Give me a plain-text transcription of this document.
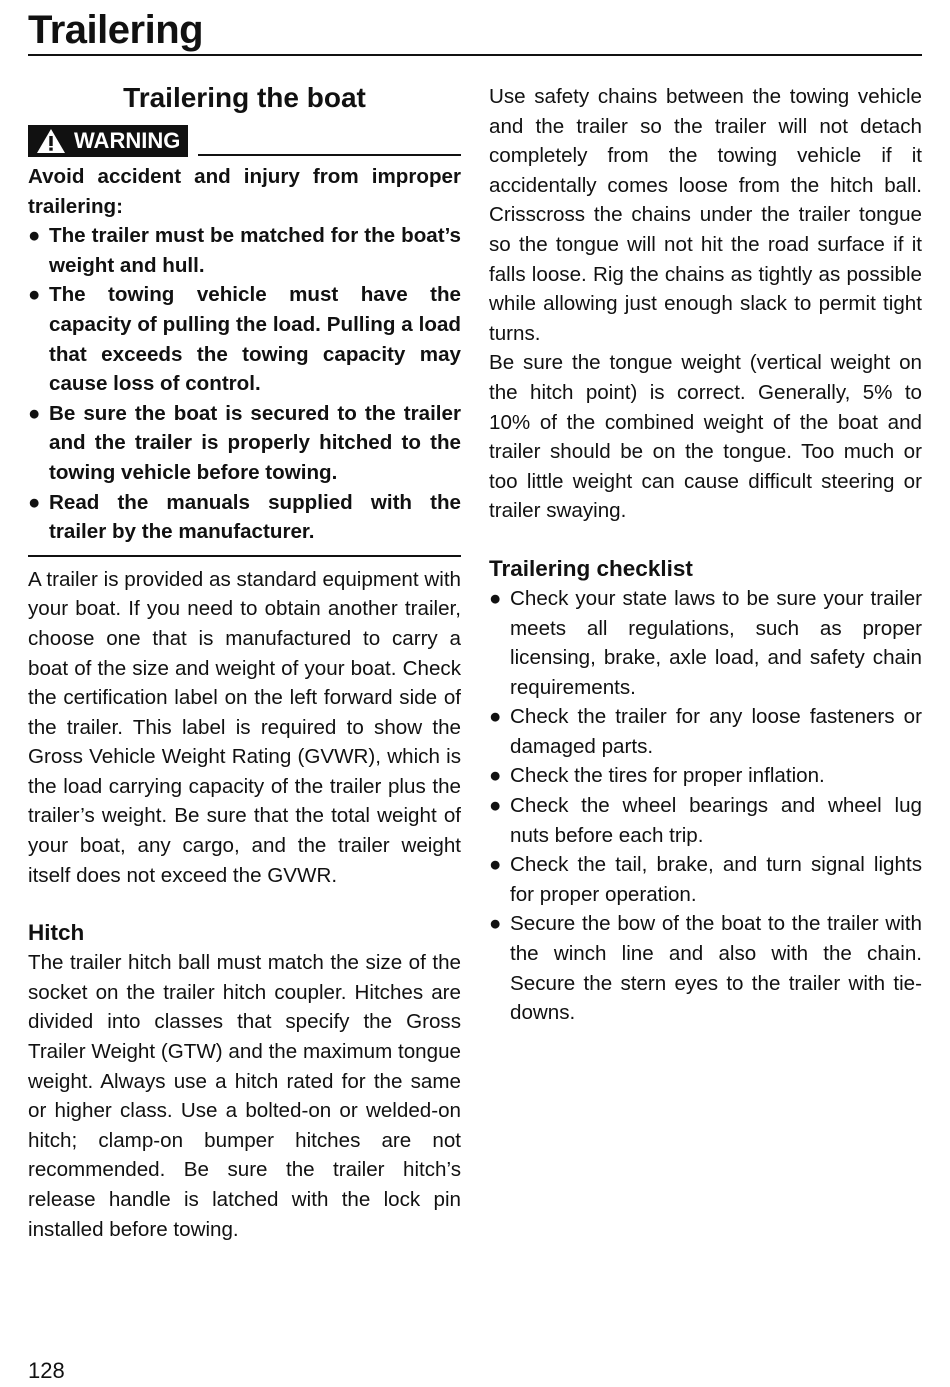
Trailering
Trailering the boat
WARNING

Avoid accident and injury from improper trailering:

● The trailer must be matched for the boat’s weight and hull.
● The towing vehicle must have the capacity of pulling the load. Pulling a load that exceeds the towing capacity may cause loss of control.
● Be sure the boat is secured to the trailer and the trailer is properly hitched to the towing vehicle before towing.
● Read the manuals supplied with the trailer by the manufacturer.

A trailer is provided as standard equipment with your boat. If you need to obtain another trailer, choose one that is manufactured to carry a boat of the size and weight of your boat. Check the certification label on the left forward side of the trailer. This label is required to show the Gross Vehicle Weight Rating (GVWR), which is the load carrying capacity of the trailer plus the trailer’s weight. Be sure that the total weight of your boat, any cargo, and the trailer weight itself does not exceed the GVWR.

Hitch

The trailer hitch ball must match the size of the socket on the trailer hitch coupler. Hitches are divided into classes that specify the Gross Trailer Weight (GTW) and the maximum tongue weight. Always use a hitch rated for the same or higher class. Use a bolted-on or welded-on hitch; clamp-on bumper hitches are not recommended. Be sure the trailer hitch’s release handle is latched with the lock pin installed before towing.

Use safety chains between the towing vehicle and the trailer so the trailer will not detach completely from the towing vehicle if it accidentally comes loose from the hitch ball. Crisscross the chains under the trailer tongue so the tongue will not hit the road surface if it falls loose. Rig the chains as tightly as possible while allowing just enough slack to permit tight turns.

Be sure the tongue weight (vertical weight on the hitch point) is correct. Generally, 5% to 10% of the combined weight of the boat and trailer should be on the tongue. Too much or too little weight can cause difficult steering or trailer swaying.

Trailering checklist
● Check your state laws to be sure your trailer meets all regulations, such as proper licensing, brake, axle load, and safety chain requirements.
● Check the trailer for any loose fasteners or damaged parts.
● Check the tires for proper inflation.
● Check the wheel bearings and wheel lug nuts before each trip.
● Check the tail, brake, and turn signal lights for proper operation.
● Secure the bow of the boat to the trailer with the winch line and also with the chain. Secure the stern eyes to the trailer with tie-downs.
128
